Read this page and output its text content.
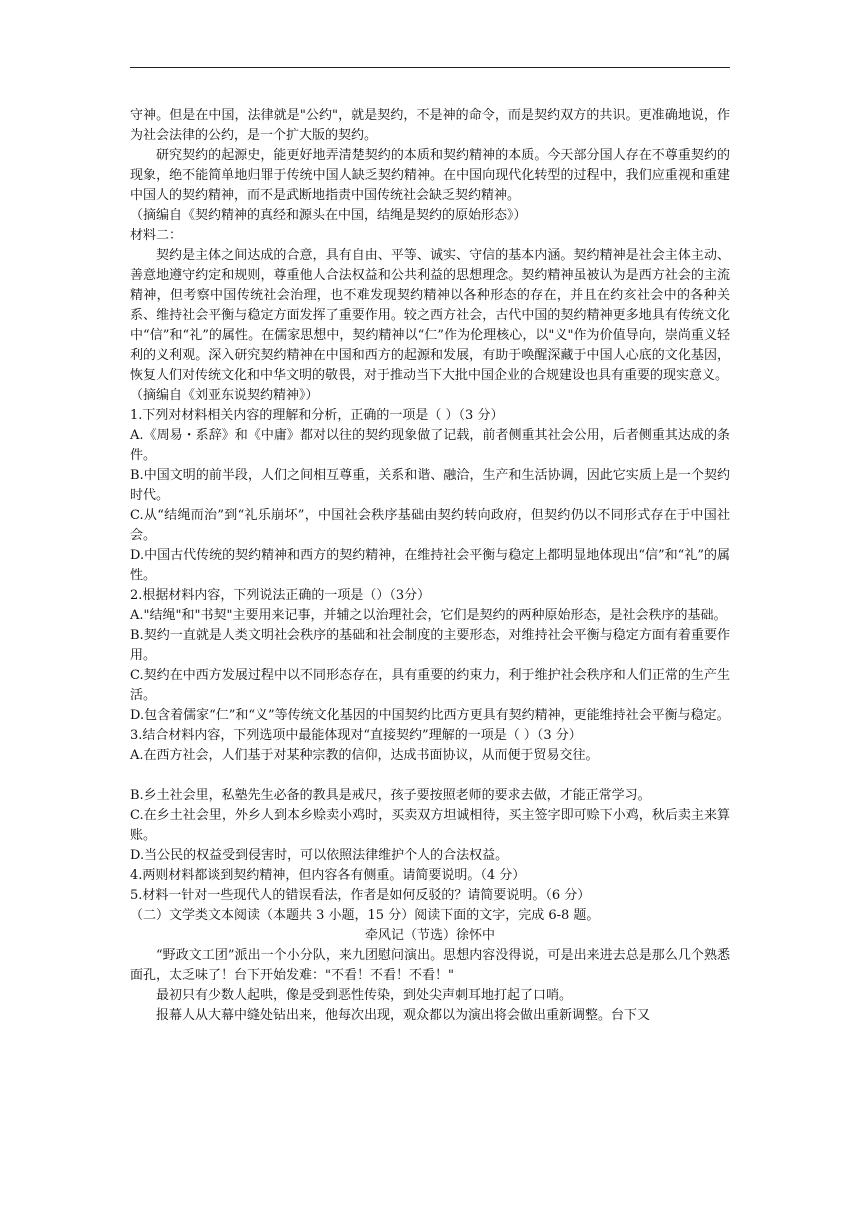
守神。但是在中国，法律就是"公约"，就是契约，不是神的命令，而是契约双方的共识。更准确地说，作为社会法律的公约，是一个扩大版的契约。

研究契约的起源史，能更好地弄清楚契约的本质和契约精神的本质。今天部分国人存在不尊重契约的现象，绝不能简单地归罪于传统中国人缺乏契约精神。在中国向现代化转型的过程中，我们应重视和重建中国人的契约精神，而不是武断地指责中国传统社会缺乏契约精神。

（摘编自《契约精神的真经和源头在中国，结绳是契约的原始形态》）

材料二：

契约是主体之间达成的合意，具有自由、平等、诚实、守信的基本内涵。契约精神是社会主体主动、善意地遵守约定和规则，尊重他人合法权益和公共利益的思想理念。契约精神虽被认为是西方社会的主流精神，但考察中国传统社会治理，也不难发现契约精神以各种形态的存在，并且在约亥社会中的各种关系、维持社会平衡与稳定方面发挥了重要作用。较之西方社会，古代中国的契约精神更多地具有传统文化中“信”和“礼”的属性。在儒家思想中，契约精神以“仁”作为伦理核心，以"义"作为价值导向，崇尚重义轻利的义利观。深入研究契约精神在中国和西方的起源和发展，有助于唤醒深藏于中国人心底的文化基因，恢复人们对传统文化和中华文明的敬畏，对于推动当下大批中国企业的合规建设也具有重要的现实意义。

（摘编自《刘亚东说契约精神》）

1.下列对材料相关内容的理解和分析，正确的一项是（ ）（3 分）

A.《周易・系辞》和《中庸》都对以往的契约现象做了记载，前者侧重其社会公用，后者侧重其达成的条件。

B.中国文明的前半段，人们之间相互尊重，关系和谐、融洽，生产和生活协调，因此它实质上是一个契约时代。

C.从“结绳而治”到“礼乐崩坏”，中国社会秩序基础由契约转向政府，但契约仍以不同形式存在于中国社会。

D.中国古代传统的契约精神和西方的契约精神，在维持社会平衡与稳定上都明显地体现出“信”和“礼”的属性。

2.根据材料内容，下列说法正确的一项是（）（3分）

A."结绳"和"书契"主要用来记事，并辅之以治理社会，它们是契约的两种原始形态，是社会秩序的基础。

B.契约一直就是人类文明社会秩序的基础和社会制度的主要形态，对维持社会平衡与稳定方面有着重要作用。

C.契约在中西方发展过程中以不同形态存在，具有重要的约束力，利于维护社会秩序和人们正常的生产生活。

D.包含着儒家“仁”和“义”等传统文化基因的中国契约比西方更具有契约精神，更能维持社会平衡与稳定。

3.结合材料内容，下列选项中最能体现对“直接契约”理解的一项是（ ）（3 分）

A.在西方社会，人们基于对某种宗教的信仰，达成书面协议，从而便于贸易交往。

B.乡土社会里，私塾先生必备的教具是戒尺，孩子要按照老师的要求去做，才能正常学习。

C.在乡土社会里，外乡人到本乡赊卖小鸡时，买卖双方坦诚相待，买主签字即可赊下小鸡，秋后卖主来算账。

D.当公民的权益受到侵害时，可以依照法律维护个人的合法权益。

4.两则材料都谈到契约精神，但内容各有侧重。请简要说明。（4 分）

5.材料一针对一些现代人的错误看法，作者是如何反驳的？请简要说明。（6 分）

（二）文学类文本阅读（本题共 3 小题，15 分）阅读下面的文字，完成 6-8 题。

牵风记（节选）徐怀中

“野政文工团”派出一个小分队，来九团慰问演出。思想内容没得说，可是出来进去总是那么几个熟悉面孔，太乏味了！台下开始发难："不看！不看！不看！"

最初只有少数人起哄，像是受到恶性传染，到处尖声刺耳地打起了口哨。

报幕人从大幕中缝处钻出来，他每次出现，观众都以为演出将会做出重新调整。台下又
